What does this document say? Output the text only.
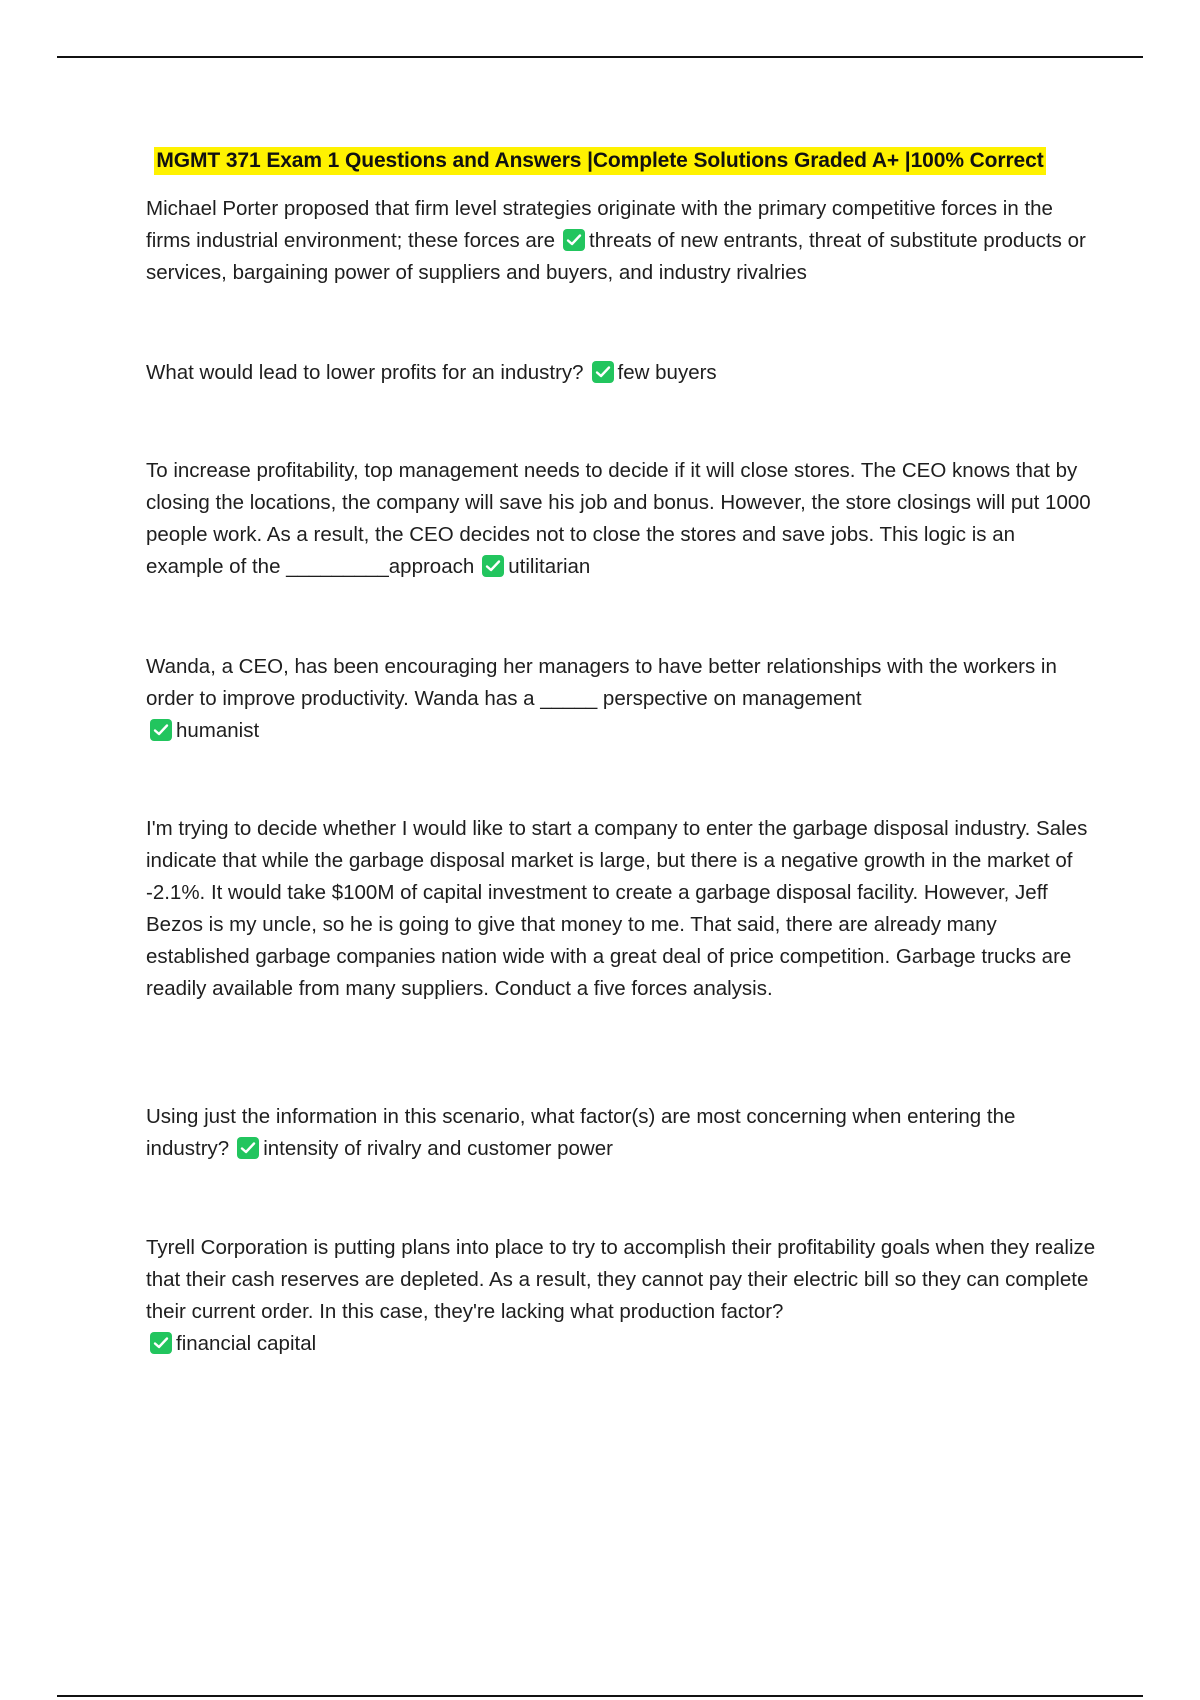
MGMT 371 Exam 1 Questions and Answers |Complete Solutions Graded A+ |100% Correct
Michael Porter proposed that firm level strategies originate with the primary competitive forces in the firms industrial environment; these forces are threats of new entrants, threat of substitute products or services, bargaining power of suppliers and buyers, and industry rivalries
What would lead to lower profits for an industry? few buyers
To increase profitability, top management needs to decide if it will close stores. The CEO knows that by closing the locations, the company will save his job and bonus. However, the store closings will put 1000 people work. As a result, the CEO decides not to close the stores and save jobs. This logic is an example of the _________approach utilitarian
Wanda, a CEO, has been encouraging her managers to have better relationships with the workers in order to improve productivity. Wanda has a _____ perspective on management

humanist
I'm trying to decide whether I would like to start a company to enter the garbage disposal industry. Sales indicate that while the garbage disposal market is large, but there is a negative growth in the market of -2.1%. It would take $100M of capital investment to create a garbage disposal facility. However, Jeff Bezos is my uncle, so he is going to give that money to me. That said, there are already many established garbage companies nation wide with a great deal of price competition. Garbage trucks are readily available from many suppliers. Conduct a five forces analysis.
Using just the information in this scenario, what factor(s) are most concerning when entering the industry? intensity of rivalry and customer power
Tyrell Corporation is putting plans into place to try to accomplish their profitability goals when they realize that their cash reserves are depleted. As a result, they cannot pay their electric bill so they can complete their current order. In this case, they're lacking what production factor?

financial capital
